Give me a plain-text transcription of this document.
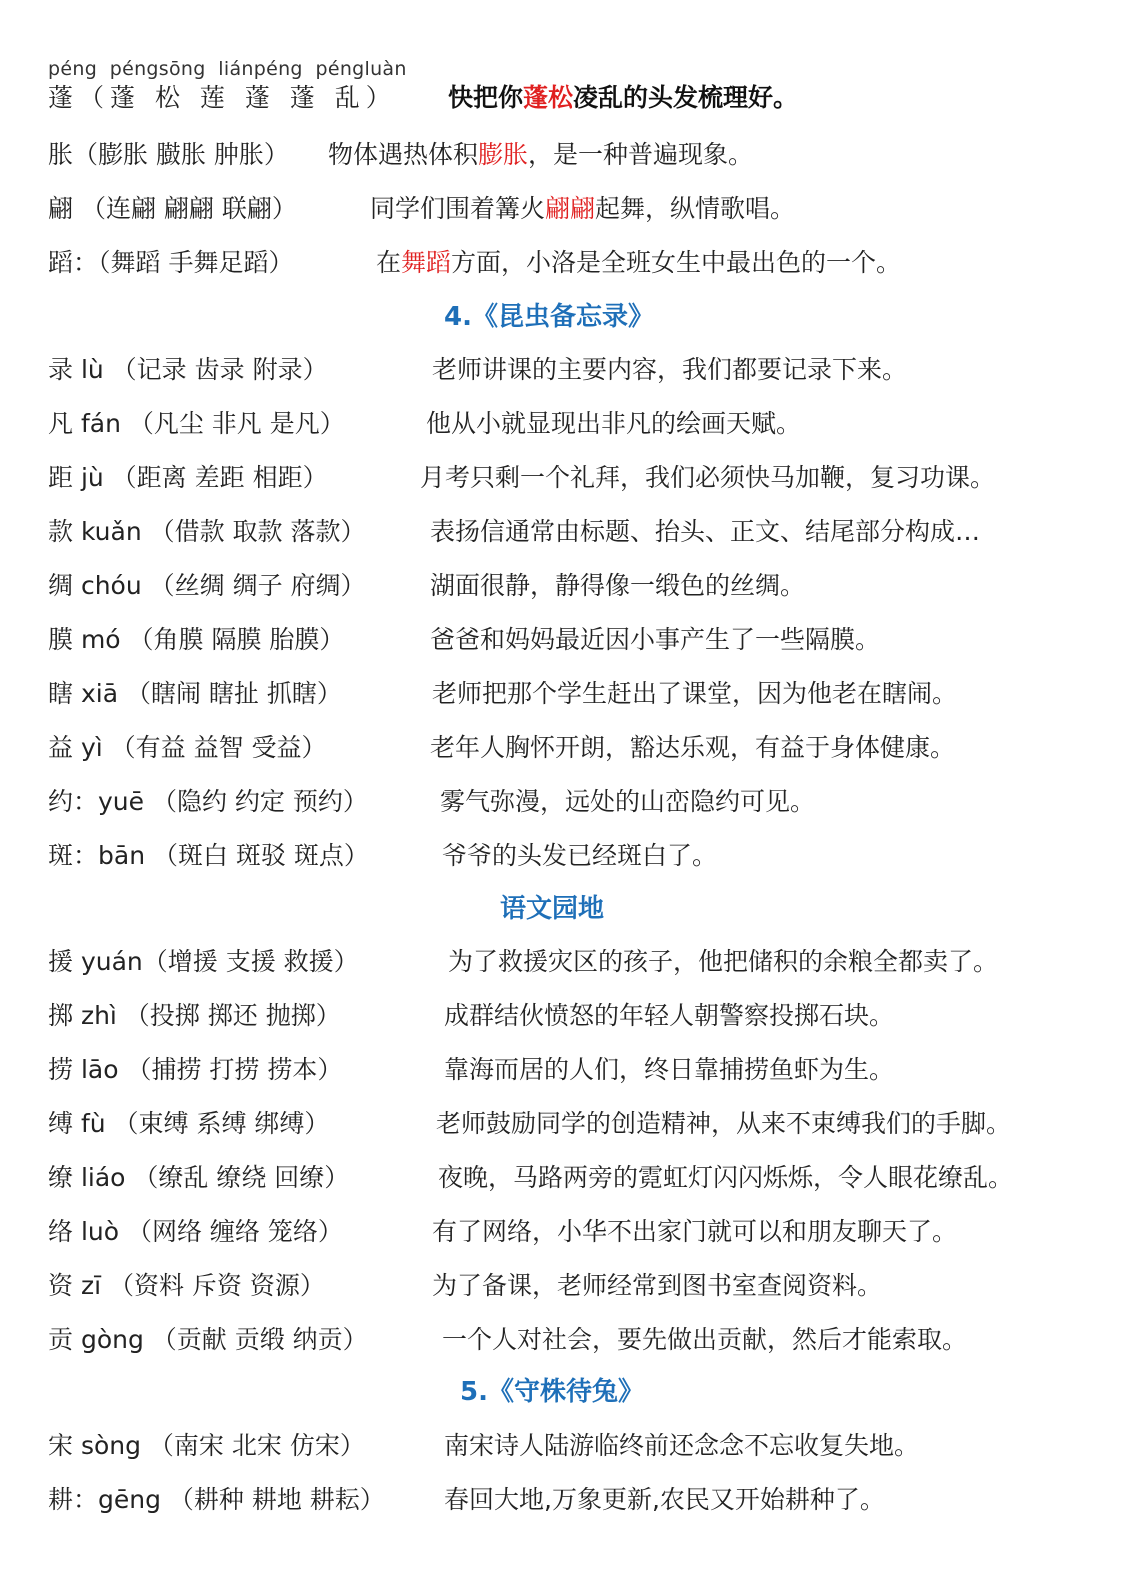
péng  péngsōng  liánpéng  péngluàn
蓬（蓬 松 莲 蓬 蓬 乱） 快把你蓬松凌乱的头发梳理好。
胀（膨胀 臌胀 肿胀） 物体遇热体积膨胀，是一种普遍现象。
翩 （连翩 翩翩 联翩）	同学们围着篝火翩翩起舞，纵情歌唱。
蹈：（舞蹈 手舞足蹈）	在舞蹈方面，小洛是全班女生中最出色的一个。
4.《昆虫备忘录》
录 lù （记录 齿录 附录）	老师讲课的主要内容，我们都要记录下来。
凡 fán （凡尘 非凡 是凡）	他从小就显现出非凡的绘画天赋。
距 jù （距离 差距 相距）	月考只剩一个礼拜，我们必须快马加鞭，复习功课。
款 kuǎn （借款 取款 落款）	表扬信通常由标题、抬头、正文、结尾部分构成…
绸 chóu （丝绸 绸子 府绸）	湖面很静，静得像一缎色的丝绸。
膜 mó （角膜 隔膜 胎膜）	爸爸和妈妈最近因小事产生了一些隔膜。
瞎 xiā （瞎闹 瞎扯 抓瞎）	老师把那个学生赶出了课堂，因为他老在瞎闹。
益 yì （有益 益智 受益）	老年人胸怀开朗，豁达乐观，有益于身体健康。
约：yuē （隐约 约定 预约）	雾气弥漫，远处的山峦隐约可见。
斑：bān （斑白 斑驳 斑点）	爷爷的头发已经斑白了。
语文园地
援 yuán（增援 支援 救援）	为了救援灾区的孩子，他把储积的余粮全都卖了。
掷 zhì （投掷 掷还 抛掷）	成群结伙愤怒的年轻人朝警察投掷石块。
捞 lāo （捕捞 打捞 捞本）	靠海而居的人们，终日靠捕捞鱼虾为生。
缚 fù （束缚 系缚 绑缚）	老师鼓励同学的创造精神，从来不束缚我们的手脚。
缭 liáo （缭乱 缭绕 回缭）	夜晚，马路两旁的霓虹灯闪闪烁烁，令人眼花缭乱。
络 luò （网络 缠络 笼络）	有了网络，小华不出家门就可以和朋友聊天了。
资 zī （资料 斥资 资源）	为了备课，老师经常到图书室查阅资料。
贡 gòng （贡献 贡缎 纳贡）	一个人对社会，要先做出贡献，然后才能索取。
5.《守株待兔》
宋 sòng （南宋 北宋 仿宋）	南宋诗人陆游临终前还念念不忘收复失地。
耕：gēng （耕种 耕地 耕耘） 春回大地,万象更新,农民又开始耕种了。
